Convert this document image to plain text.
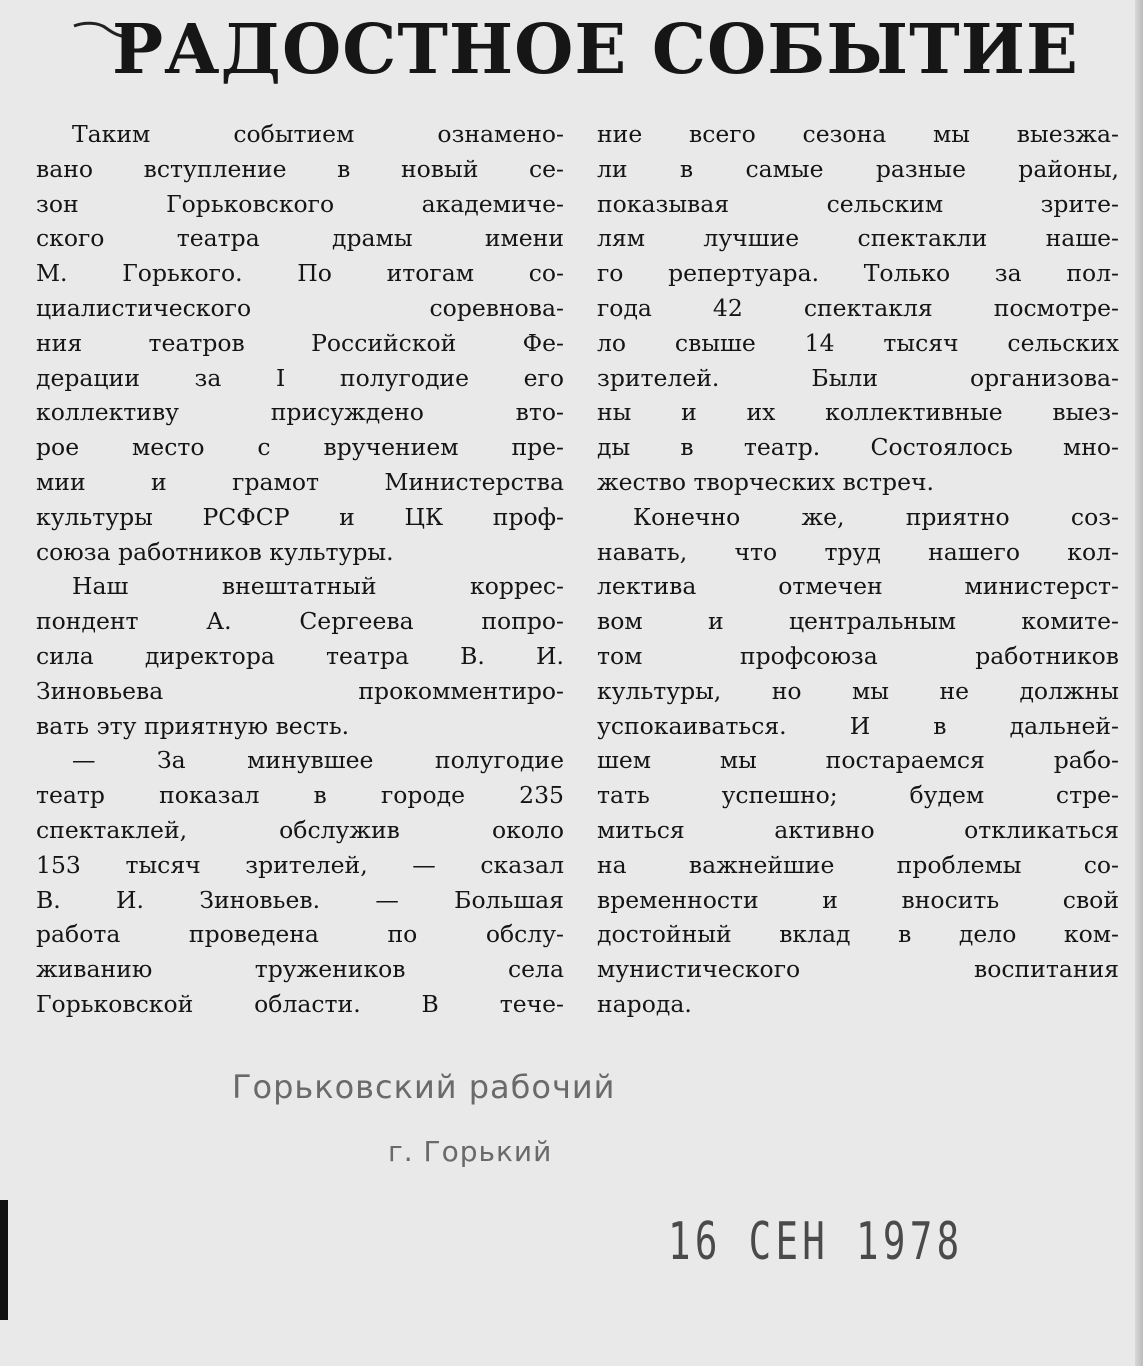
РАДОСТНОЕ СОБЫТИЕ
Таким событием ознамено-
вано вступление в новый се-
зон Горьковского академиче-
ского театра драмы имени
М. Горького. По итогам со-
циалистического соревнова-
ния театров Российской Фе-
дерации за I полугодие его
коллективу присуждено вто-
рое место с вручением пре-
мии и грамот Министерства
культуры РСФСР и ЦК проф-
союза работников культуры.
Наш внештатный коррес-
пондент А. Сергеева попро-
сила директора театра В. И.
Зиновьева прокомментиро-
вать эту приятную весть.
— За минувшее полугодие
театр показал в городе 235
спектаклей, обслужив около
153 тысяч зрителей, — сказал
В. И. Зиновьев. — Большая
работа проведена по обслу-
живанию тружеников села
Горьковской области. В тече-
ние всего сезона мы выезжа-
ли в самые разные районы,
показывая сельским зрите-
лям лучшие спектакли наше-
го репертуара. Только за пол-
года 42 спектакля посмотре-
ло свыше 14 тысяч сельских
зрителей. Были организова-
ны и их коллективные выез-
ды в театр. Состоялось мно-
жество творческих встреч.
Конечно же, приятно соз-
навать, что труд нашего кол-
лектива отмечен министерст-
вом и центральным комите-
том профсоюза работников
культуры, но мы не должны
успокаиваться. И в дальней-
шем мы постараемся рабо-
тать успешно; будем стре-
миться активно откликаться
на важнейшие проблемы со-
временности и вносить свой
достойный вклад в дело ком-
мунистического воспитания
народа.
Горьковский рабочий
г. Горький
16 СЕН 1978
